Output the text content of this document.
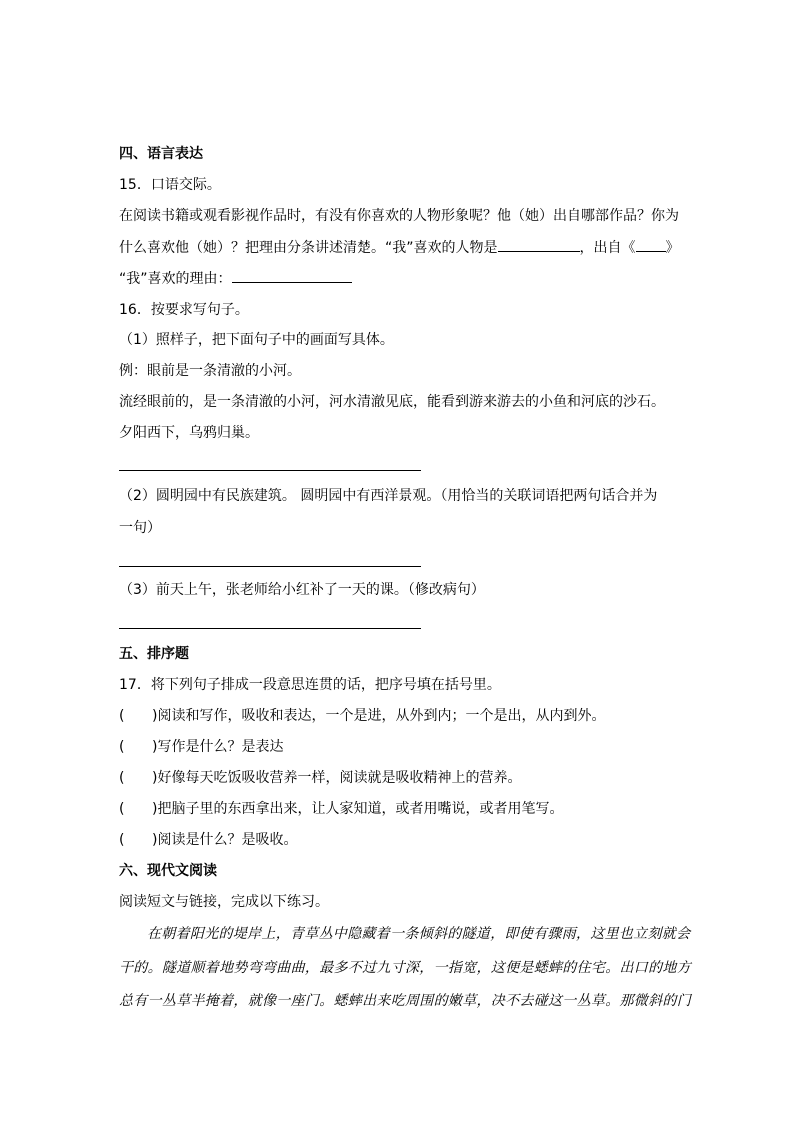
四、语言表达
15．口语交际。
在阅读书籍或观看影视作品时，有没有你喜欢的人物形象呢？他（她）出自哪部作品？你为
什么喜欢他（她）？把理由分条讲述清楚。“我”喜欢的人物是	，出自《 》
“我”喜欢的理由：
16．按要求写句子。
（1）照样子，把下面句子中的画面写具体。
例：眼前是一条清澈的小河。
流经眼前的，是一条清澈的小河，河水清澈见底，能看到游来游去的小鱼和河底的沙石。
夕阳西下，乌鸦归巢。
（2）圆明园中有民族建筑。 圆明园中有西洋景观。（用恰当的关联词语把两句话合并为
一句）
（3）前天上午，张老师给小红补了一天的课。（修改病句）
五、排序题
17．将下列句子排成一段意思连贯的话，把序号填在括号里。
( )阅读和写作，吸收和表达，一个是进，从外到内；一个是出，从内到外。
( )写作是什么？是表达
( )好像每天吃饭吸收营养一样，阅读就是吸收精神上的营养。
( )把脑子里的东西拿出来，让人家知道，或者用嘴说，或者用笔写。
( )阅读是什么？是吸收。
六、现代文阅读
阅读短文与链接，完成以下练习。
在朝着阳光的堤岸上，青草丛中隐藏着一条倾斜的隧道，即使有骤雨，这里也立刻就会
干的。隧道顺着地势弯弯曲曲，最多不过九寸深，一指宽，这便是蟋蟀的住宅。出口的地方
总有一丛草半掩着，就像一座门。蟋蟀出来吃周围的嫩草，决不去碰这一丛草。那微斜的门
